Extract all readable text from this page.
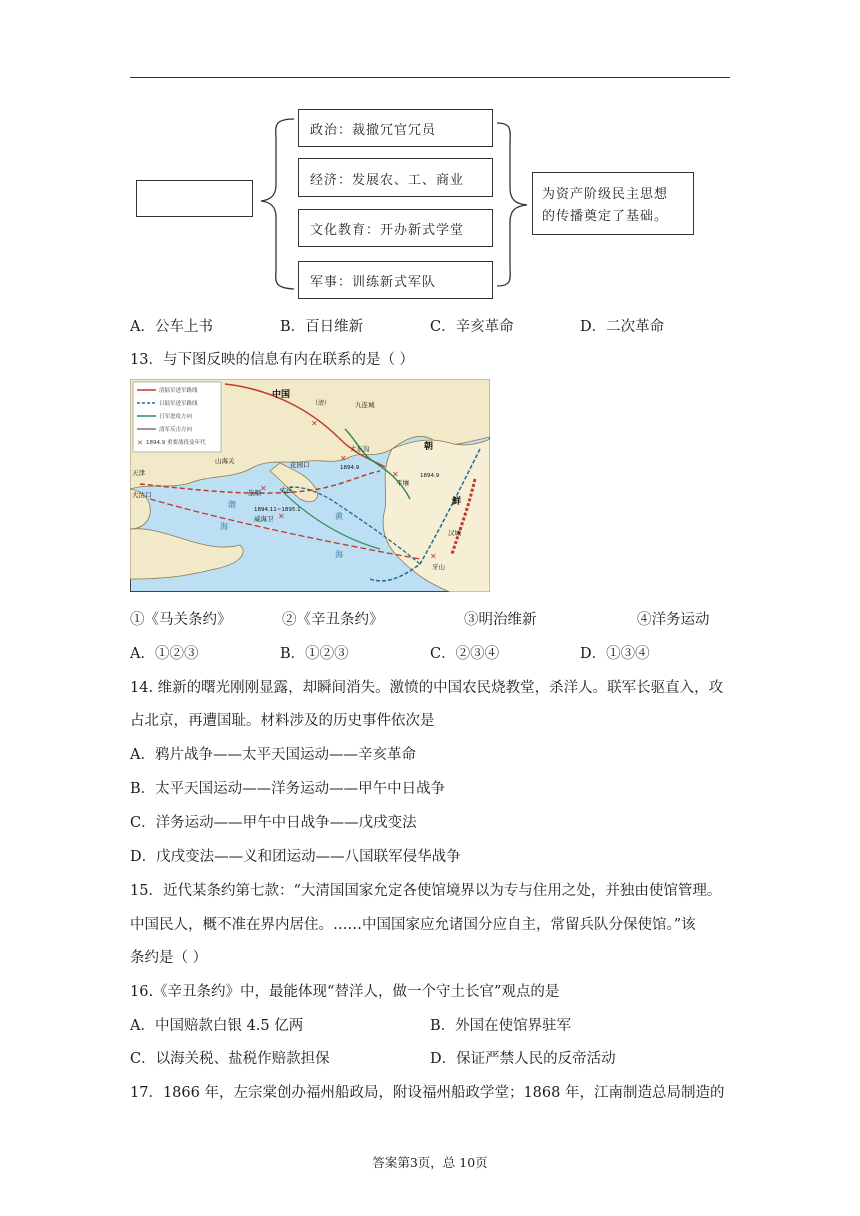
政治：裁撤冗官冗员
经济：发展农、工、商业
文化教育：开办新式学堂
军事：训练新式军队
为资产阶级民主思想
的传播奠定了基础。
A．公车上书	B．百日维新	C．辛亥革命	D．二次革命
13．与下图反映的信息有内在联系的是（ ）
清陆军进军路线
日陆军进军路线
日军进攻方向
清军反击方向
✕ 1894.9 重要战役及年代
中国
（清）	九连城
山海关	花园口
大东沟	朝
天津
大沽口	旅顺	大连
1894.9
平壤
1894.9
鲜
汉城
1894.11~1895.1
威海卫
牙山
渤
海
黄
海
✕
✕
✕
✕
✕
✕
①《马关条约》	②《辛丑条约》	③明治维新	④洋务运动
A．①②③	B．①②③	C．②③④	D．①③④
14. 维新的曙光刚刚显露，却瞬间消失。激愤的中国农民烧教堂，杀洋人。联军长驱直入，攻
占北京，再遭国耻。材料涉及的历史事件依次是
A．鸦片战争——太平天国运动——辛亥革命
B．太平天国运动——洋务运动——甲午中日战争
C．洋务运动——甲午中日战争——戊戌变法
D．戊戌变法——义和团运动——八国联军侵华战争
15．近代某条约第七款：“大清国国家允定各使馆境界以为专与住用之处，并独由使馆管理。
中国民人，概不准在界内居住。……中国国家应允诸国分应自主，常留兵队分保使馆。”该
条约是（ ）
16.《辛丑条约》中，最能体现“替洋人，做一个守土长官”观点的是
A．中国赔款白银 4.5 亿两	B．外国在使馆界驻军
C．以海关税、盐税作赔款担保	D．保证严禁人民的反帝活动
17．1866 年，左宗棠创办福州船政局，附设福州船政学堂；1868 年，江南制造总局制造的
答案第3页，总 10页
